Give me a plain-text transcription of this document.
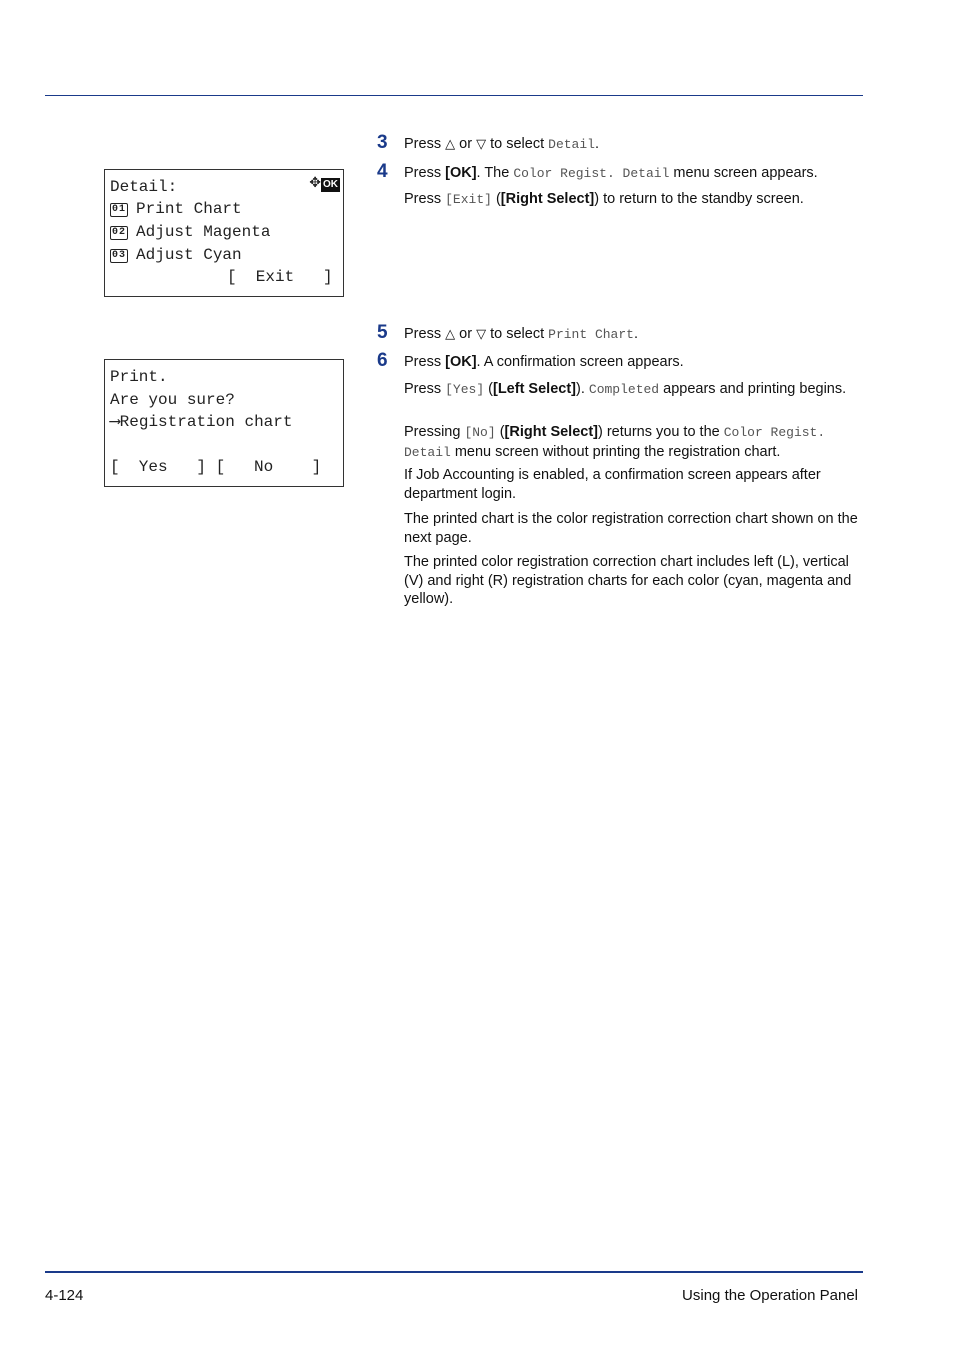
Detail:	✥ OK
01 Print Chart
02 Adjust Magenta
03 Adjust Cyan
[  Exit   ]
Print.
Are you sure?
⟶Registration chart
[  Yes   ] [   No    ]
3 Press △ or ▽ to select Detail.
4 Press [OK]. The Color Regist. Detail menu screen appears.
Press [Exit] ([Right Select]) to return to the standby screen.
5 Press △ or ▽ to select Print Chart.
6 Press [OK]. A confirmation screen appears.
Press [Yes] ([Left Select]). Completed appears and printing begins.
Pressing [No] ([Right Select]) returns you to the Color Regist. Detail menu screen without printing the registration chart.
If Job Accounting is enabled, a confirmation screen appears after department login.
The printed chart is the color registration correction chart shown on the next page.
The printed color registration correction chart includes left (L), vertical (V) and right (R) registration charts for each color (cyan, magenta and yellow).
4-124	Using the Operation Panel
